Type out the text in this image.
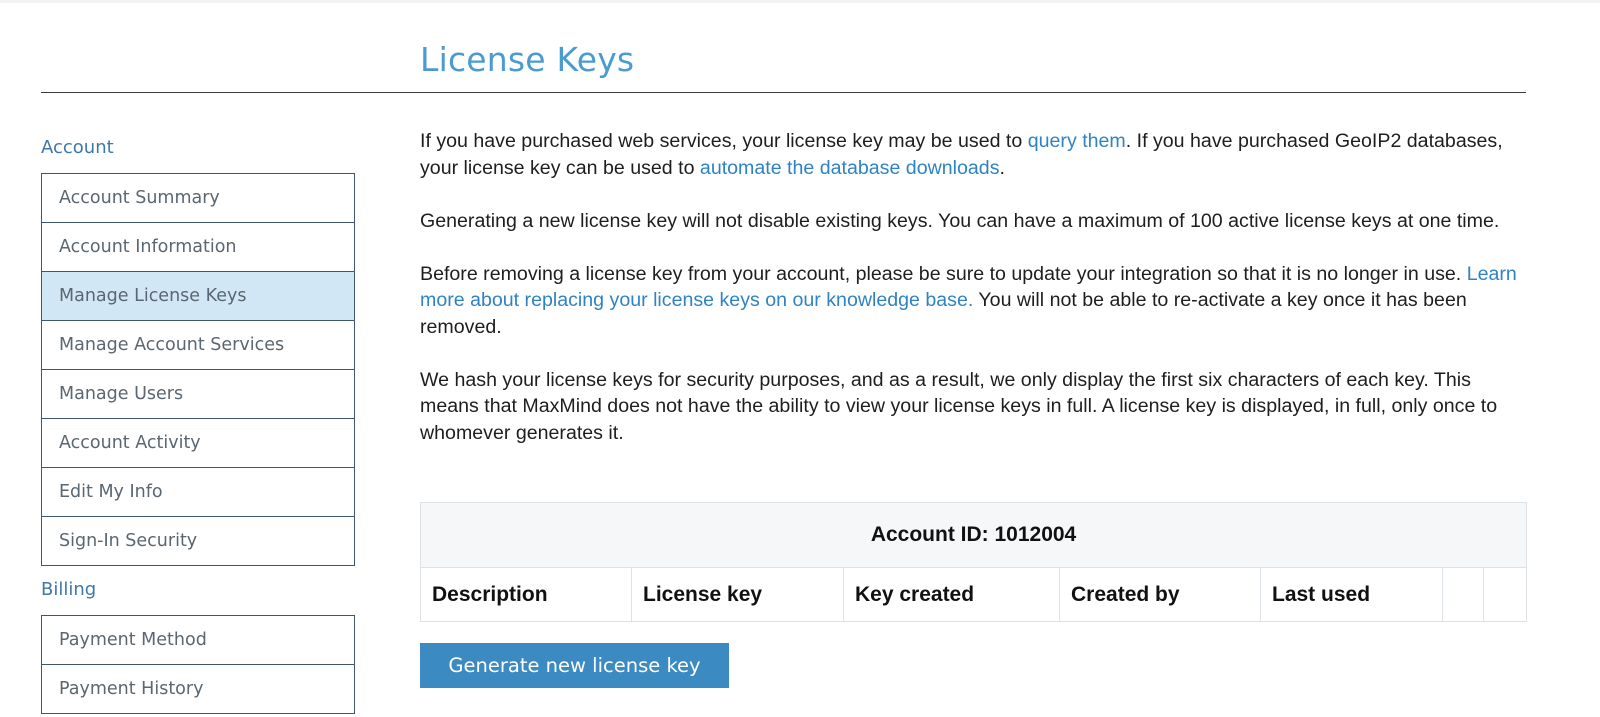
License Keys
Account
Account Summary
Account Information
Manage License Keys
Manage Account Services
Manage Users
Account Activity
Edit My Info
Sign-In Security
Billing
Payment Method
Payment History

If you have purchased web services, your license key may be used to query them. If you have purchased GeoIP2 databases, your license key can be used to automate the database downloads.

Generating a new license key will not disable existing keys. You can have a maximum of 100 active license keys at one time.

Before removing a license key from your account, please be sure to update your integration so that it is no longer in use. Learn more about replacing your license keys on our knowledge base. You will not be able to re-activate a key once it has been removed.

We hash your license keys for security purposes, and as a result, we only display the first six characters of each key. This means that MaxMind does not have the ability to view your license keys in full. A license key is displayed, in full, only once to whomever generates it.

Account ID: 1012004
Description	License key	Key created	Created by	Last used		
Generate new license key
